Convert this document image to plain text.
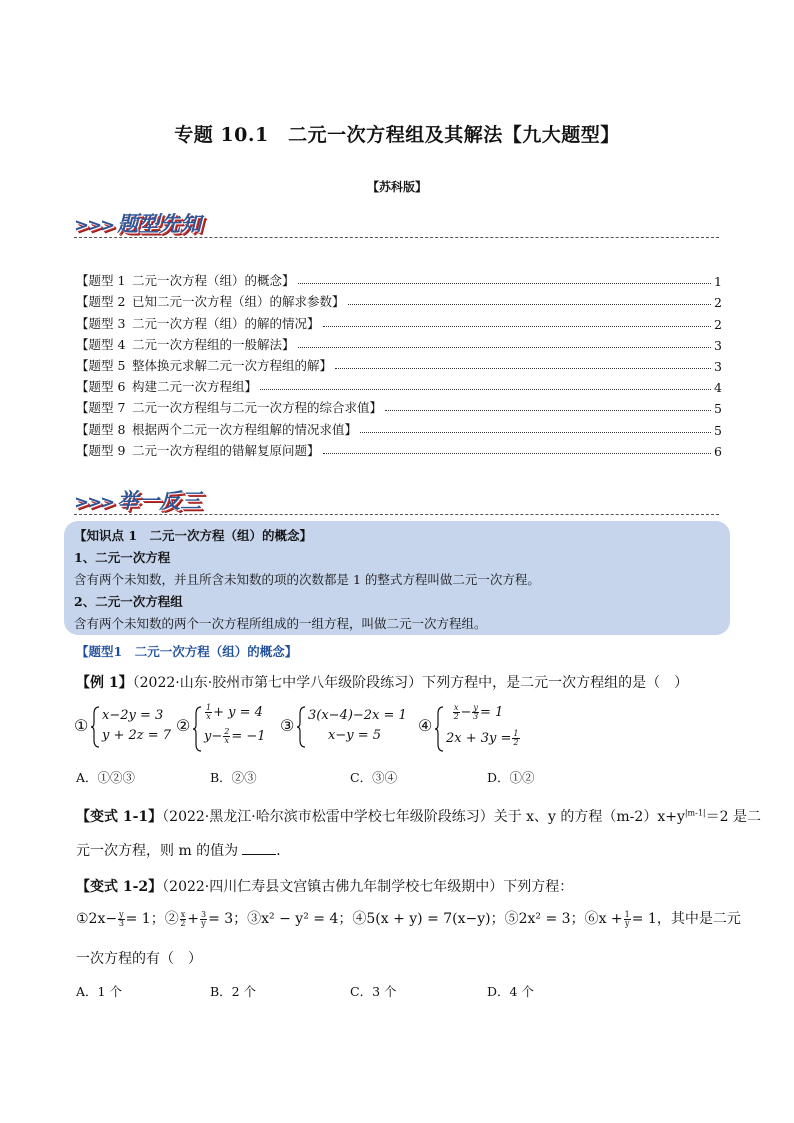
专题 10.1　二元一次方程组及其解法【九大题型】
【苏科版】
>>> 题型先知
【题型 1 二元一次方程（组）的概念】	1
【题型 2 已知二元一次方程（组）的解求参数】	2
【题型 3 二元一次方程（组）的解的情况】	2
【题型 4 二元一次方程组的一般解法】	3
【题型 5 整体换元求解二元一次方程组的解】	3
【题型 6 构建二元一次方程组】	4
【题型 7 二元一次方程组与二元一次方程的综合求值】	5
【题型 8 根据两个二元一次方程组解的情况求值】	5
【题型 9 二元一次方程组的错解复原问题】	6
>>> 举一反三
【知识点 1　二元一次方程（组）的概念】
1、二元一次方程
含有两个未知数，并且所含未知数的项的次数都是 1 的整式方程叫做二元一次方程。
2、二元一次方程组
含有两个未知数的两个一次方程所组成的一组方程，叫做二元一次方程组。
【题型1　二元一次方程（组）的概念】
【例 1】（2022·山东·胶州市第七中学八年级阶段练习）下列方程中，是二元一次方程组的是（　）
①
x−2y = 3
y + 2z = 7
②
$\frac{1}{x} + y = 4$
$y- \frac{2}{x} = -1$
③
3(x−4)−2x = 1
x−y = 5
④
$\frac{x}{2} - \frac{y}{3} = 1$
$2x + 3y = \frac{1}{2}$
A．①②③	B．②③	C．③④	D．①②
【变式 1-1】（2022·黑龙江·哈尔滨市松雷中学校七年级阶段练习）关于 x、y 的方程$(m-2)x+y^{|m-1|}=2$ 是二
元一次方程，则 m 的值为	．
【变式 1-2】（2022·四川仁寿县文宫镇古佛九年制学校七年级期中）下列方程：
①2x− $\frac{y}{3} = 1$；② $\frac{x}{2} + \frac{3}{y} = 3$；③x² − y² = 4；④5(x + y) = 7(x−y)；⑤2x² = 3；⑥x + $\frac{1}{y} = 1$，其中是二元
一次方程的有（　）
A．1 个	B．2 个	C．3 个	D．4 个
